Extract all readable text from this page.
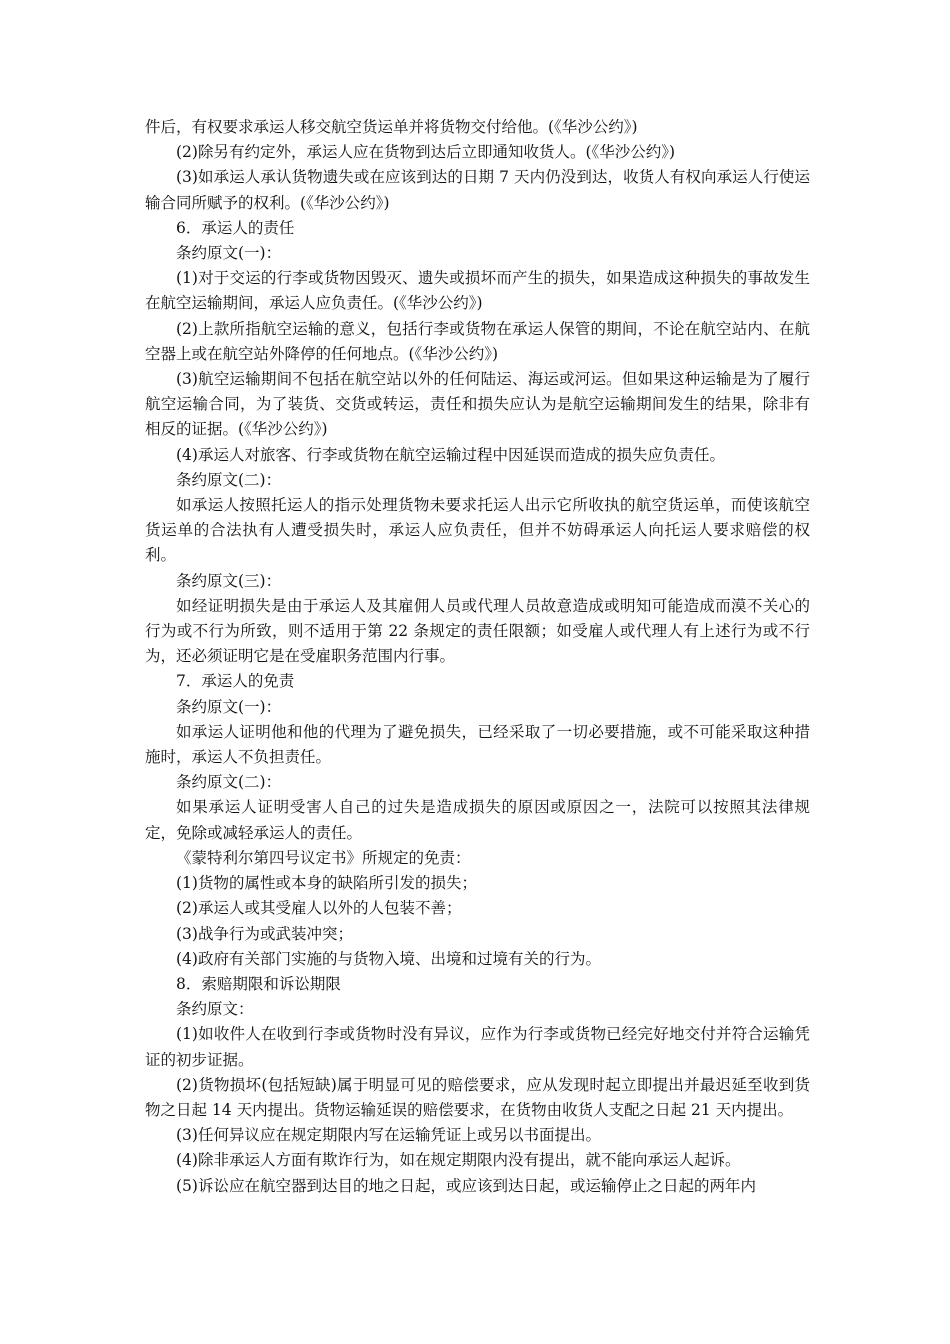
件后，有权要求承运人移交航空货运单并将货物交付给他。(《华沙公约》)

(2)除另有约定外，承运人应在货物到达后立即通知收货人。(《华沙公约》)

(3)如承运人承认货物遗失或在应该到达的日期 7 天内仍没到达，收货人有权向承运人行使运输合同所赋予的权利。(《华沙公约》)

6．承运人的责任

条约原文(一)：

(1)对于交运的行李或货物因毁灭、遗失或损坏而产生的损失，如果造成这种损失的事故发生在航空运输期间，承运人应负责任。(《华沙公约》)

(2)上款所指航空运输的意义，包括行李或货物在承运人保管的期间，不论在航空站内、在航空器上或在航空站外降停的任何地点。(《华沙公约》)

(3)航空运输期间不包括在航空站以外的任何陆运、海运或河运。但如果这种运输是为了履行航空运输合同，为了装货、交货或转运，责任和损失应认为是航空运输期间发生的结果，除非有相反的证据。(《华沙公约》)

(4)承运人对旅客、行李或货物在航空运输过程中因延误而造成的损失应负责任。

条约原文(二)：

如承运人按照托运人的指示处理货物未要求托运人出示它所收执的航空货运单，而使该航空货运单的合法执有人遭受损失时，承运人应负责任，但并不妨碍承运人向托运人要求赔偿的权利。

条约原文(三)：

如经证明损失是由于承运人及其雇佣人员或代理人员故意造成或明知可能造成而漠不关心的行为或不行为所致，则不适用于第 22 条规定的责任限额；如受雇人或代理人有上述行为或不行为，还必须证明它是在受雇职务范围内行事。

7．承运人的免责

条约原文(一)：

如承运人证明他和他的代理为了避免损失，已经采取了一切必要措施，或不可能采取这种措施时，承运人不负担责任。

条约原文(二)：

如果承运人证明受害人自己的过失是造成损失的原因或原因之一，法院可以按照其法律规定，免除或减轻承运人的责任。

《蒙特利尔第四号议定书》所规定的免责：

(1)货物的属性或本身的缺陷所引发的损失；

(2)承运人或其受雇人以外的人包装不善；

(3)战争行为或武装冲突；

(4)政府有关部门实施的与货物入境、出境和过境有关的行为。

8．索赔期限和诉讼期限

条约原文：

(1)如收件人在收到行李或货物时没有异议，应作为行李或货物已经完好地交付并符合运输凭证的初步证据。

(2)货物损坏(包括短缺)属于明显可见的赔偿要求，应从发现时起立即提出并最迟延至收到货物之日起 14 天内提出。货物运输延误的赔偿要求，在货物由收货人支配之日起 21 天内提出。

(3)任何异议应在规定期限内写在运输凭证上或另以书面提出。

(4)除非承运人方面有欺诈行为，如在规定期限内没有提出，就不能向承运人起诉。

(5)诉讼应在航空器到达目的地之日起，或应该到达日起，或运输停止之日起的两年内
